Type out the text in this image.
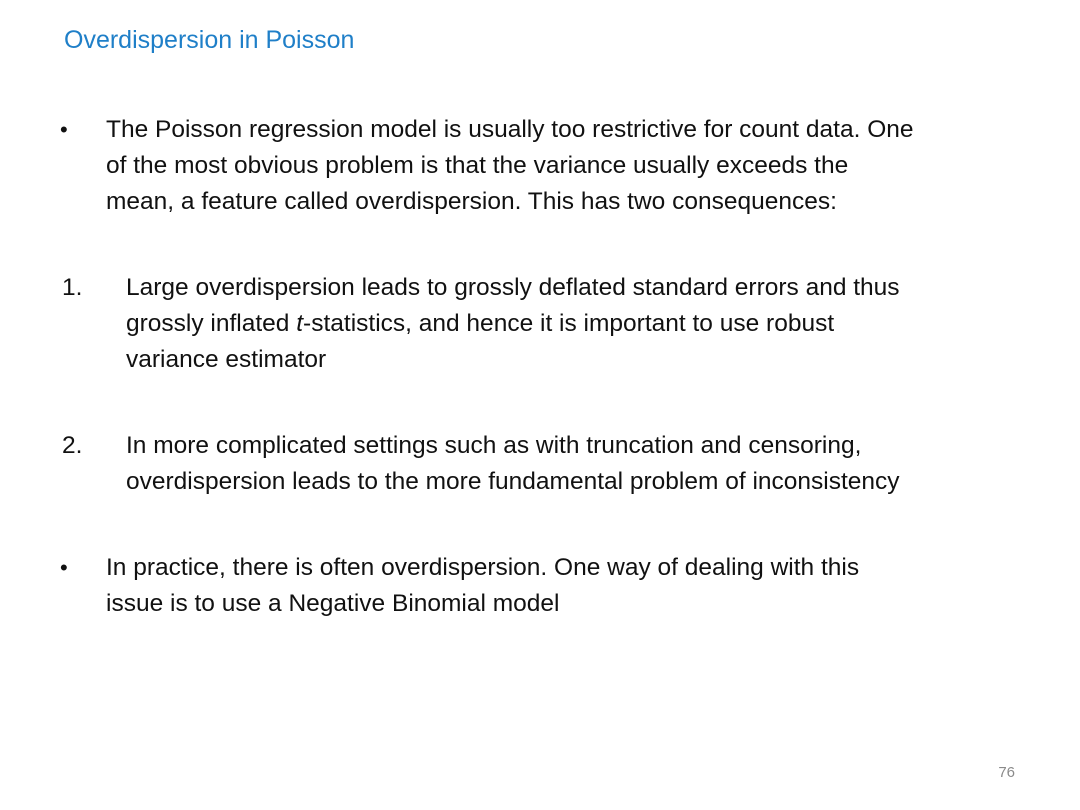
Overdispersion in Poisson
• The Poisson regression model is usually too restrictive for count data. One
of the most obvious problem is that the variance usually exceeds the
mean, a feature called overdispersion. This has two consequences:
1. Large overdispersion leads to grossly deflated standard errors and thus
grossly inflated t-statistics, and hence it is important to use robust
variance estimator
2. In more complicated settings such as with truncation and censoring,
overdispersion leads to the more fundamental problem of inconsistency
• In practice, there is often overdispersion. One way of dealing with this
issue is to use a Negative Binomial model
76
